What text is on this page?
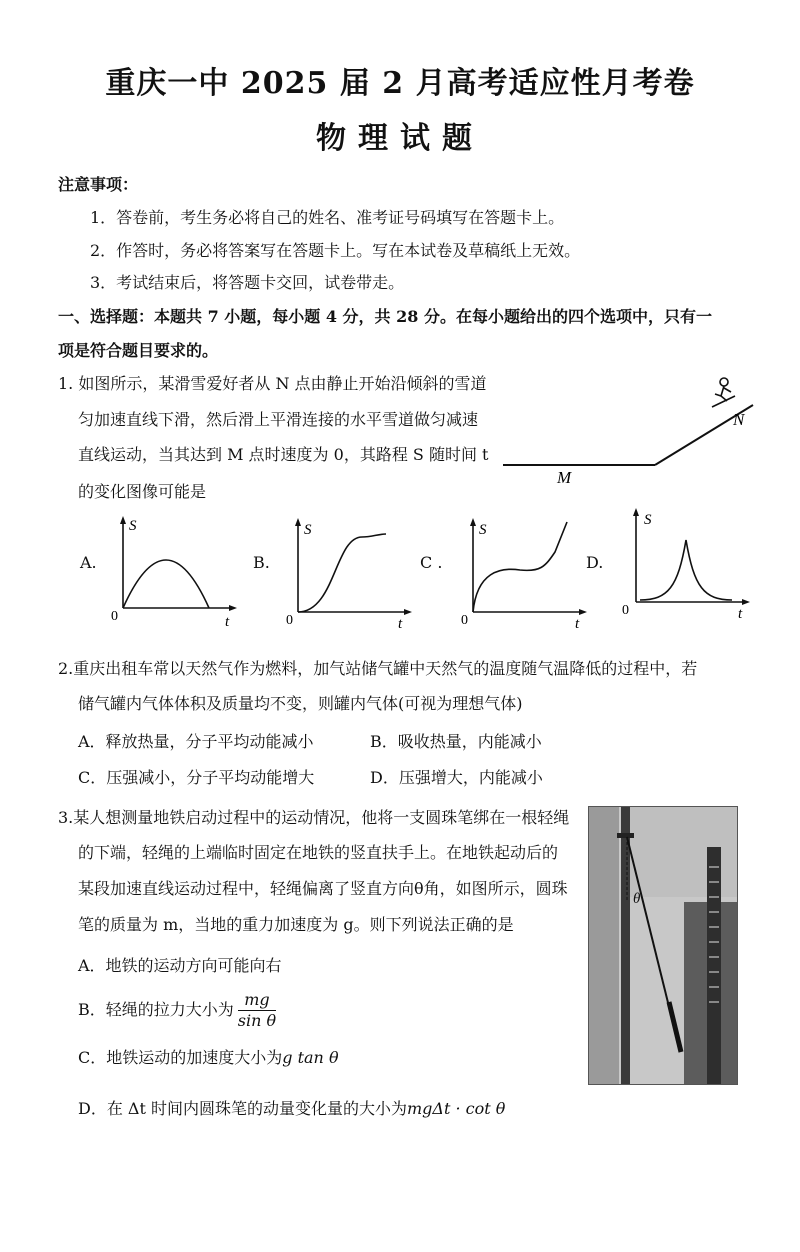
重庆一中 2025 届 2 月高考适应性月考卷
物理试题
注意事项：
1．答卷前，考生务必将自己的姓名、准考证号码填写在答题卡上。
2．作答时，务必将答案写在答题卡上。写在本试卷及草稿纸上无效。
3．考试结束后，将答题卡交回，试卷带走。
一、选择题：本题共 7 小题，每小题 4 分，共 28 分。在每小题给出的四个选项中，只有一
项是符合题目要求的。
1. 如图所示，某滑雪爱好者从 N 点由静止开始沿倾斜的雪道
匀加速直线下滑，然后滑上平滑连接的水平雪道做匀减速
直线运动，当其达到 M 点时速度为 0，其路程 S 随时间 t
的变化图像可能是
N
M
A.
S
0	t
B.
S
0	t
C .
S
0	t
D.
S
0	t
2.重庆出租车常以天然气作为燃料，加气站储气罐中天然气的温度随气温降低的过程中，若
储气罐内气体体积及质量均不变，则罐内气体(可视为理想气体)
A．释放热量，分子平均动能减小	B．吸收热量，内能减小
C．压强减小，分子平均动能增大	D．压强增大，内能减小
3.某人想测量地铁启动过程中的运动情况，他将一支圆珠笔绑在一根轻绳
的下端，轻绳的上端临时固定在地铁的竖直扶手上。在地铁起动后的
某段加速直线运动过程中，轻绳偏离了竖直方向θ角，如图所示，圆珠
笔的质量为 m，当地的重力加速度为 g。则下列说法正确的是
A．地铁的运动方向可能向右
B．轻绳的拉力大小为 $\frac{mg}{\text{sin θ}}$
C．地铁运动的加速度大小为g tan θ
D．在 Δt 时间内圆珠笔的动量变化量的大小为mgΔt · cot θ
θ
